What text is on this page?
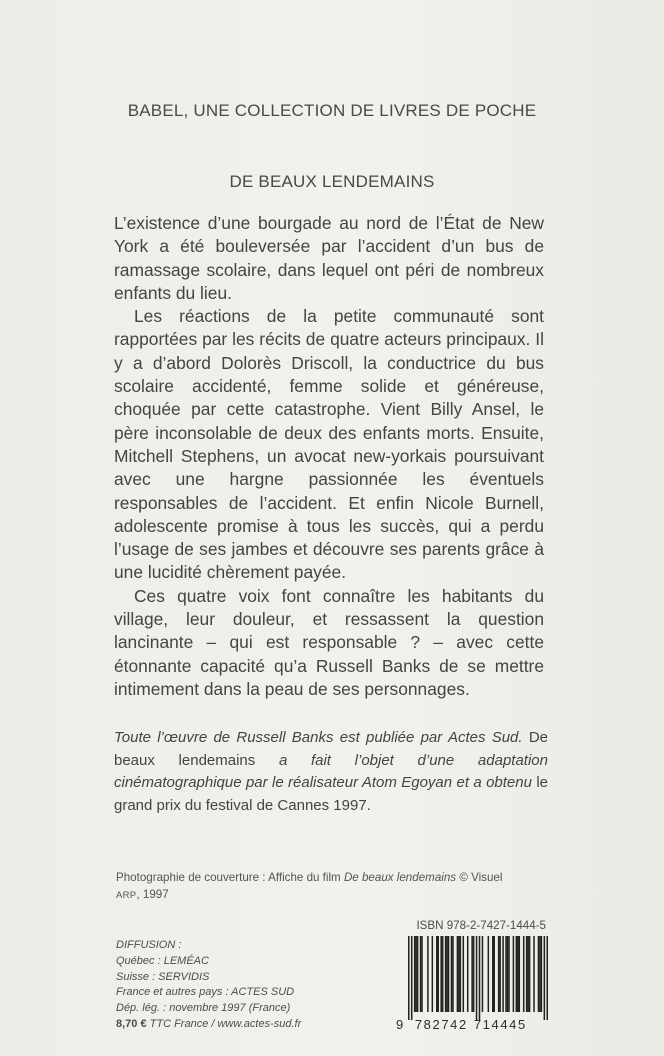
BABEL, UNE COLLECTION DE LIVRES DE POCHE

DE BEAUX LENDEMAINS

L’existence d’une bourgade au nord de l’État de New York a été bouleversée par l’accident d’un bus de ramassage scolaire, dans lequel ont péri de nombreux enfants du lieu.

Les réactions de la petite communauté sont rapportées par les récits de quatre acteurs principaux. Il y a d’abord Dolorès Driscoll, la conductrice du bus scolaire accidenté, femme solide et généreuse, choquée par cette catastrophe. Vient Billy Ansel, le père inconsolable de deux des enfants morts. Ensuite, Mitchell Stephens, un avocat new-yorkais poursuivant avec une hargne passionnée les éventuels responsables de l’accident. Et enfin Nicole Burnell, adolescente promise à tous les succès, qui a perdu l’usage de ses jambes et découvre ses parents grâce à une lucidité chèrement payée.

Ces quatre voix font connaître les habitants du village, leur douleur, et ressassent la question lancinante – qui est responsable ? – avec cette étonnante capacité qu’a Russell Banks de se mettre intimement dans la peau de ses personnages.

Toute l’œuvre de Russell Banks est publiée par Actes Sud. De beaux lendemains a fait l’objet d’une adaptation cinématographique par le réalisateur Atom Egoyan et a obtenu le grand prix du festival de Cannes 1997.

Photographie de couverture : Affiche du film De beaux lendemains © Visuel
ARP, 1997

ISBN 978-2-7427-1444-5

DIFFUSION :
Québec : LEMÉAC
Suisse : SERVIDIS
France et autres pays : ACTES SUD
Dép. lég. : novembre 1997 (France)
8,70 € TTC France / www.actes-sud.fr	9 782742 714445
